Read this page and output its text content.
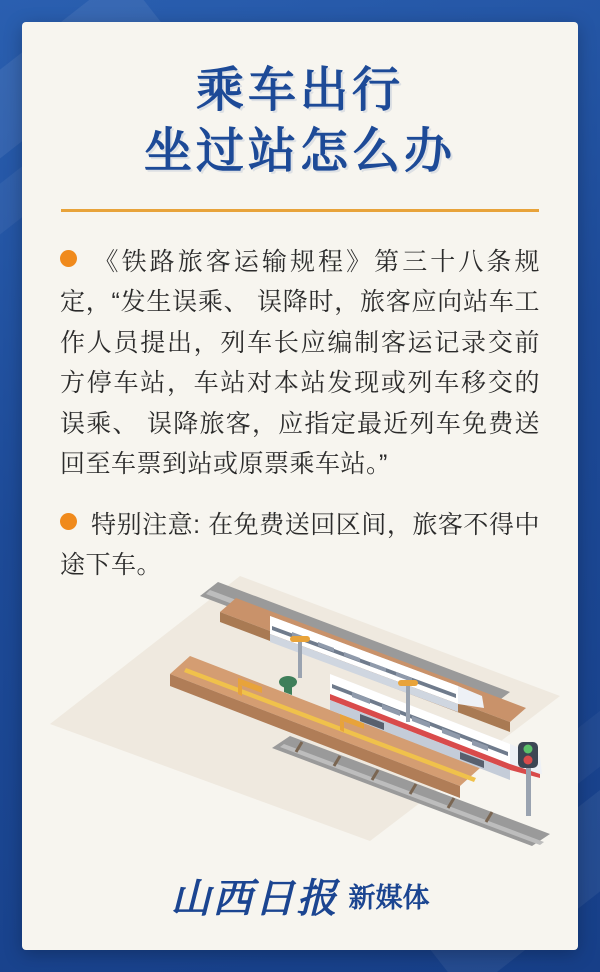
乘车出行
坐过站怎么办
《铁路旅客运输规程》第三十八条规定，“发生误乘、 误降时，旅客应向站车工作人员提出，列车长应编制客运记录交前方停车站，车站对本站发现或列车移交的误乘、 误降旅客，应指定最近列车免费送回至车票到站或原票乘车站。”
特别注意: 在免费送回区间，旅客不得中途下车。
山西日报 新媒体
